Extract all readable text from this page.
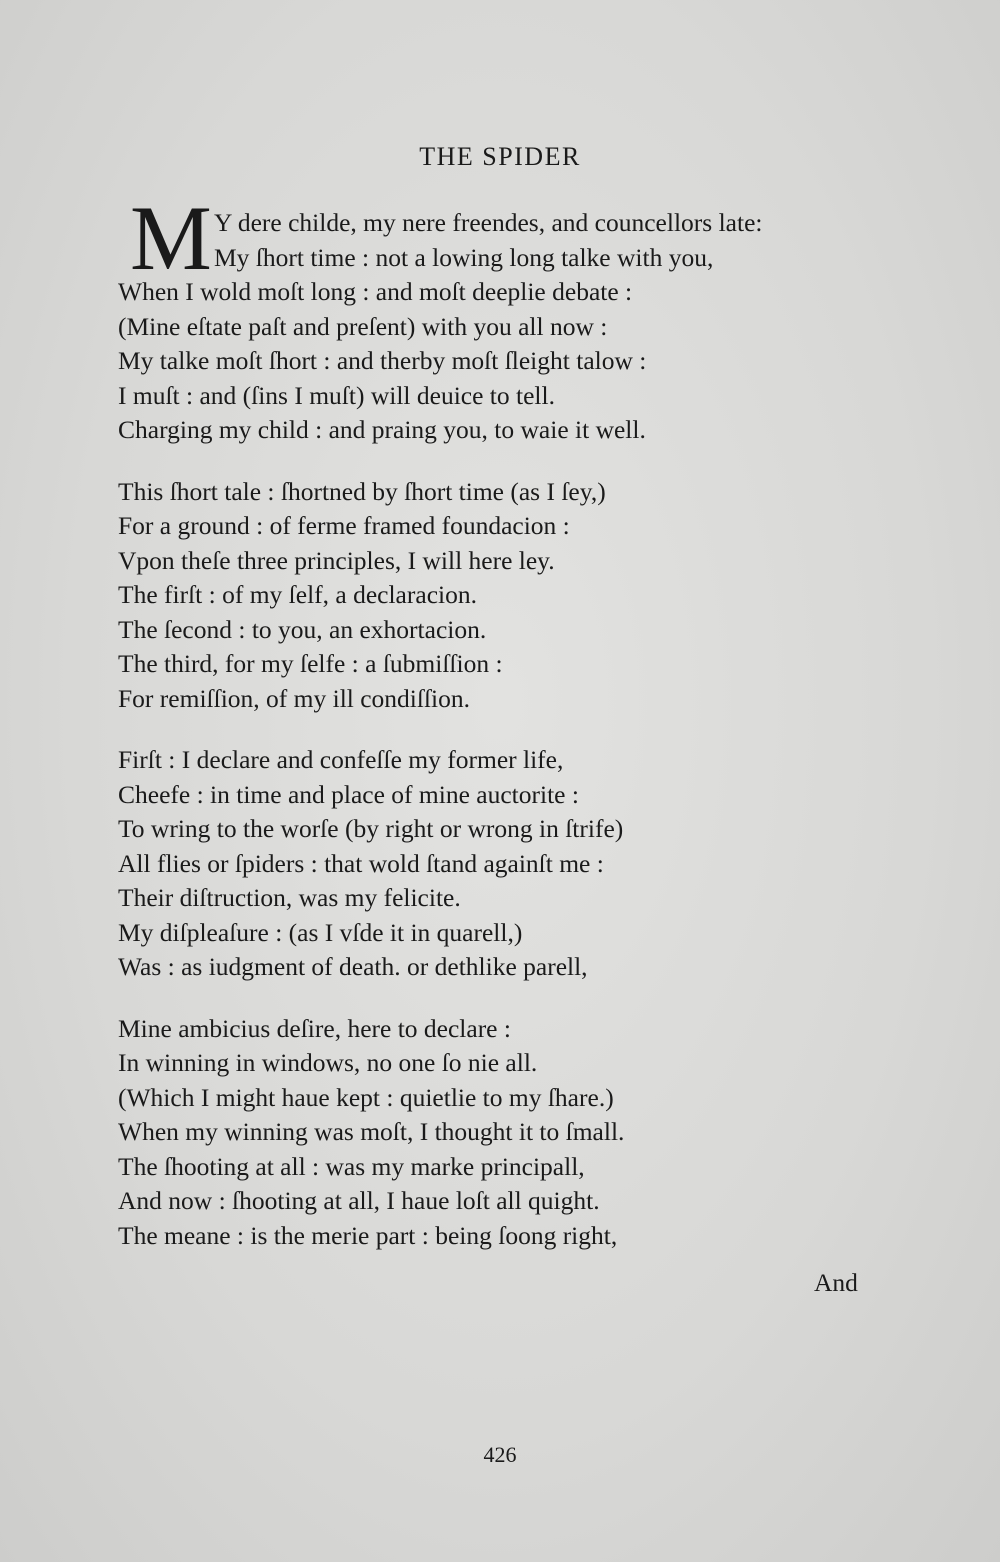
THE SPIDER
M Y dere childe, my nere freendes, and councellors late:
My ſhort time : not a lowing long talke with you,
When I wold moſt long : and moſt deeplie debate :
(Mine eſtate paſt and preſent) with you all now :
My talke moſt ſhort : and therby moſt ſleight talow :
I muſt : and (ſins I muſt) will deuice to tell.
Charging my child : and praing you, to waie it well.
This ſhort tale : ſhortned by ſhort time (as I ſey,)
For a ground : of ferme framed foundacion :
Vpon theſe three principles, I will here ley.
The firſt : of my ſelf, a declaracion.
The ſecond : to you, an exhortacion.
The third, for my ſelfe : a ſubmiſſion :
For remiſſion, of my ill condiſſion.
Firſt : I declare and confeſſe my former life,
Cheefe : in time and place of mine auctorite :
To wring to the worſe (by right or wrong in ſtrife)
All flies or ſpiders : that wold ſtand againſt me :
Their diſtruction, was my felicite.
My diſpleaſure : (as I vſde it in quarell,)
Was : as iudgment of death. or dethlike parell,
Mine ambicius deſire, here to declare :
In winning in windows, no one ſo nie all.
(Which I might haue kept : quietlie to my ſhare.)
When my winning was moſt, I thought it to ſmall.
The ſhooting at all : was my marke principall,
And now : ſhooting at all, I haue loſt all quight.
The meane : is the merie part : being ſoong right,
And
426
